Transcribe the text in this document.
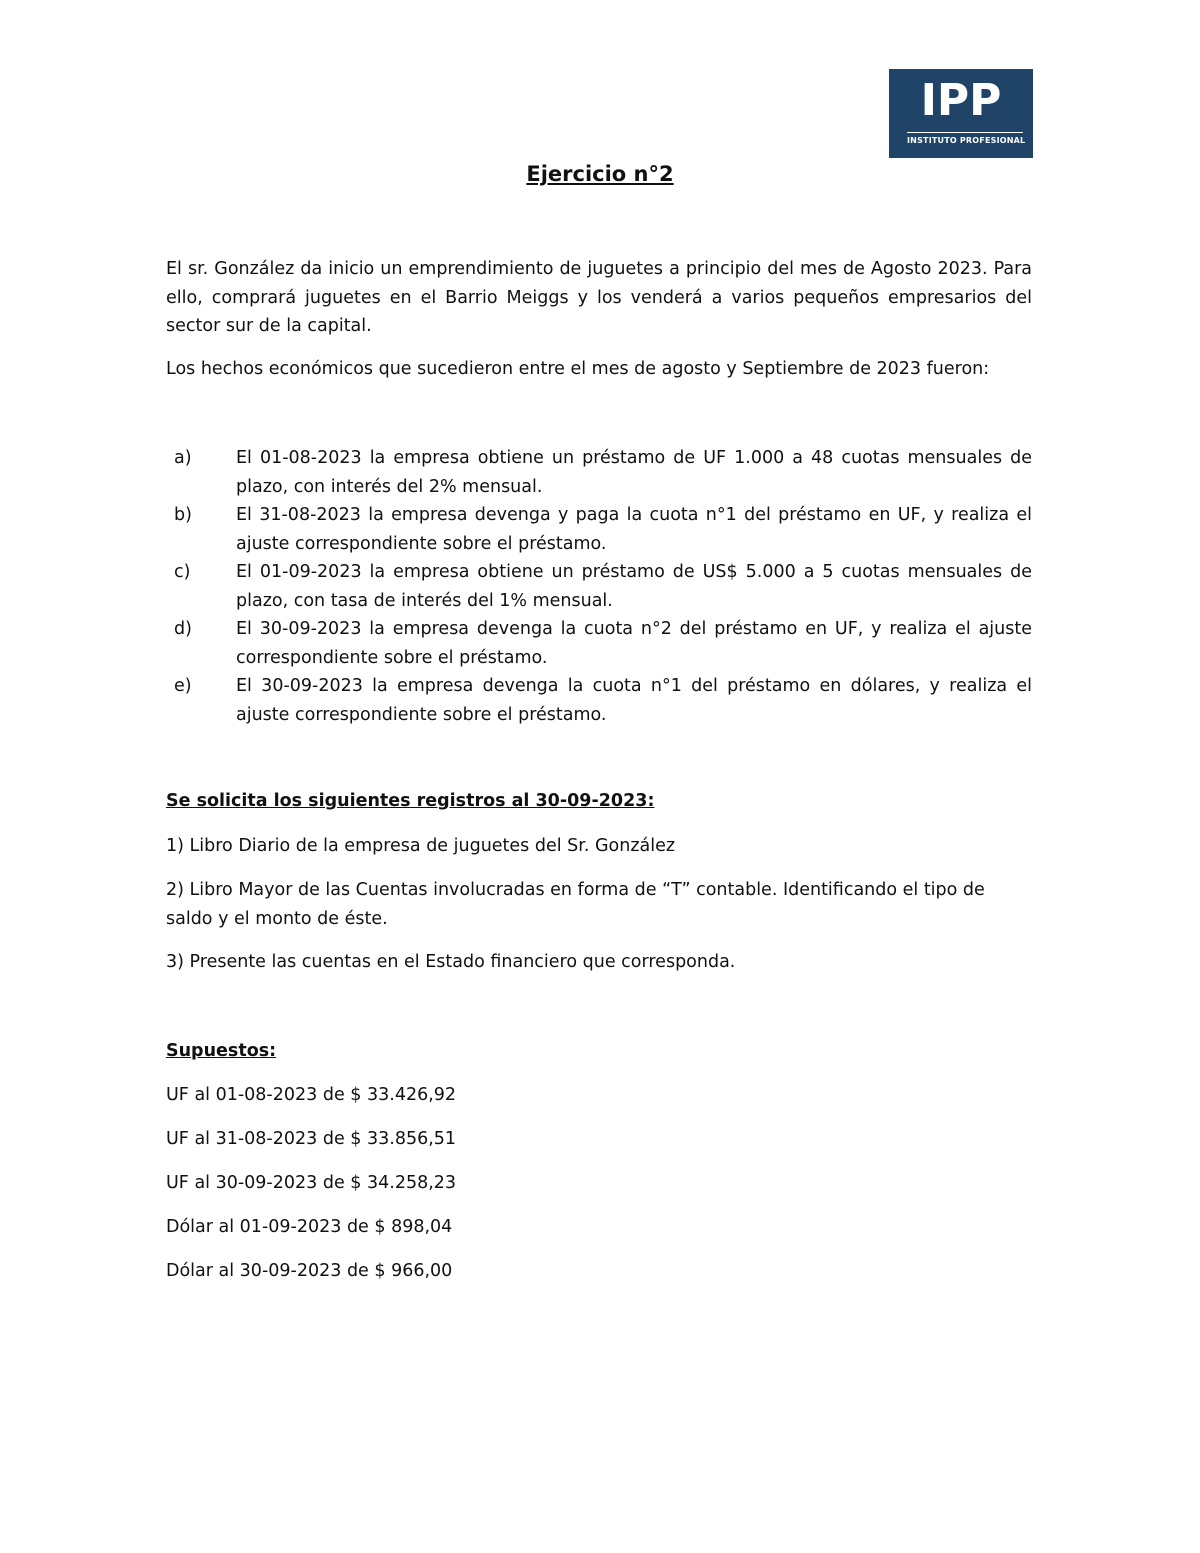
IPP
INSTITUTO PROFESIONAL
Ejercicio n°2
El sr. González da inicio un emprendimiento de juguetes a principio del mes de Agosto 2023. Para ello, comprará juguetes en el Barrio Meiggs y los venderá a varios pequeños empresarios del sector sur de la capital.
Los hechos económicos que sucedieron entre el mes de agosto y Septiembre de 2023 fueron:
a)	El 01-08-2023 la empresa obtiene un préstamo de UF 1.000 a 48 cuotas mensuales de plazo, con interés del 2% mensual.
b)	El 31-08-2023 la empresa devenga y paga la cuota n°1 del préstamo en UF, y realiza el ajuste correspondiente sobre el préstamo.
c)	El 01-09-2023 la empresa obtiene un préstamo de US$ 5.000 a 5 cuotas mensuales de plazo, con tasa de interés del 1% mensual.
d)	El 30-09-2023 la empresa devenga la cuota n°2 del préstamo en UF, y realiza el ajuste correspondiente sobre el préstamo.
e)	El 30-09-2023 la empresa devenga la cuota n°1 del préstamo en dólares, y realiza el ajuste correspondiente sobre el préstamo.
Se solicita los siguientes registros al 30-09-2023:
1) Libro Diario de la empresa de juguetes del Sr. González
2) Libro Mayor de las Cuentas involucradas en forma de “T” contable. Identificando el tipo de saldo y el monto de éste.
3) Presente las cuentas en el Estado financiero que corresponda.
Supuestos:
UF al 01-08-2023 de $ 33.426,92
UF al 31-08-2023 de $ 33.856,51
UF al 30-09-2023 de $ 34.258,23
Dólar al 01-09-2023 de $ 898,04
Dólar al 30-09-2023 de $ 966,00
